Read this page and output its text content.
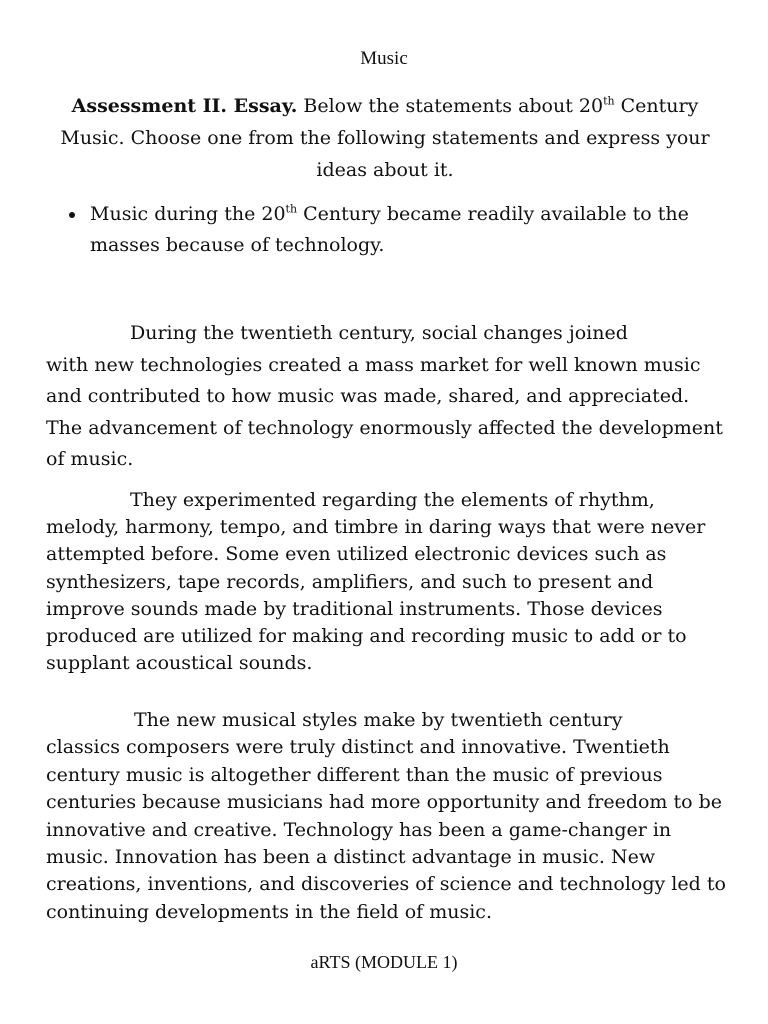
Music
Assessment II. Essay. Below the statements about 20th Century Music. Choose one from the following statements and express your ideas about it.
Music during the 20th Century became readily available to the masses because of technology.
During the twentieth century, social changes joined
with new technologies created a mass market for well known music
and contributed to how music was made, shared, and appreciated.
The advancement of technology enormously affected the development
of music.
They experimented regarding the elements of rhythm,
melody, harmony, tempo, and timbre in daring ways that were never
attempted before. Some even utilized electronic devices such as
synthesizers, tape records, amplifiers, and such to present and
improve sounds made by traditional instruments. Those devices
produced are utilized for making and recording music to add or to
supplant acoustical sounds.
The new musical styles make by twentieth century
classics composers were truly distinct and innovative. Twentieth
century music is altogether different than the music of previous
centuries because musicians had more opportunity and freedom to be
innovative and creative. Technology has been a game-changer in
music. Innovation has been a distinct advantage in music. New
creations, inventions, and discoveries of science and technology led to
continuing developments in the field of music.
aRTS (MODULE 1)
